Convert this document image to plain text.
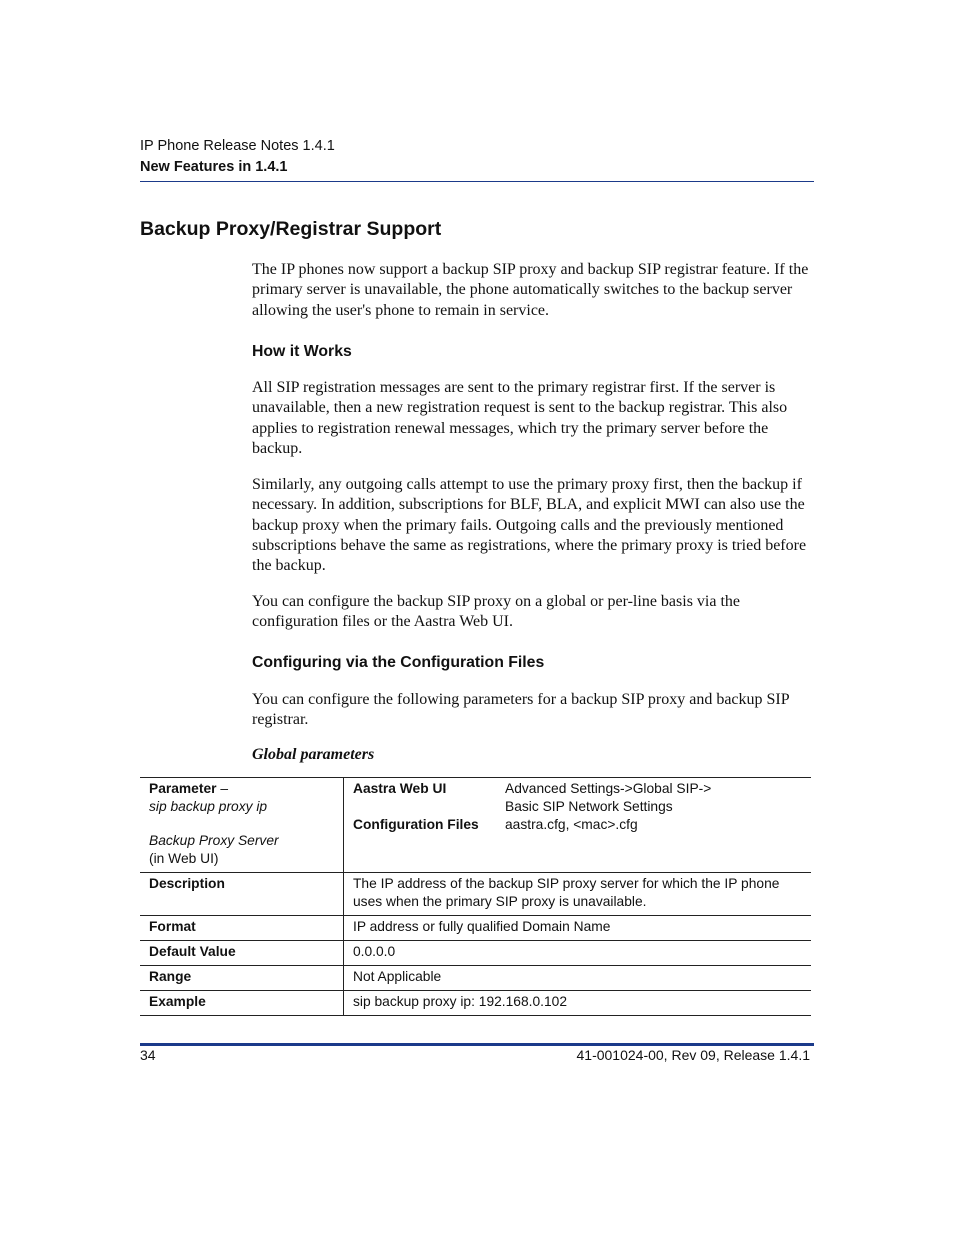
IP Phone Release Notes 1.4.1
New Features in 1.4.1
Backup Proxy/Registrar Support

The IP phones now support a backup SIP proxy and backup SIP registrar feature. If the primary server is unavailable, the phone automatically switches to the backup server allowing the user's phone to remain in service.

How it Works

All SIP registration messages are sent to the primary registrar first. If the server is unavailable, then a new registration request is sent to the backup registrar. This also applies to registration renewal messages, which try the primary server before the backup.

Similarly, any outgoing calls attempt to use the primary proxy first, then the backup if necessary. In addition, subscriptions for BLF, BLA, and explicit MWI can also use the backup proxy when the primary fails. Outgoing calls and the previously mentioned subscriptions behave the same as registrations, where the primary proxy is tried before the backup.

You can configure the backup SIP proxy on a global or per-line basis via the configuration files or the Aastra Web UI.

Configuring via the Configuration Files

You can configure the following parameters for a backup SIP proxy and backup SIP registrar.

Global parameters
Parameter –
sip backup proxy ip
Backup Proxy Server
(in Web UI)

Aastra Web UI	Advanced Settings->Global SIP->
Basic SIP Network Settings

Configuration Files	aastra.cfg, <mac>.cfg

Description	The IP address of the backup SIP proxy server for which the IP phone uses when the primary SIP proxy is unavailable.
Format	IP address or fully qualified Domain Name
Default Value	0.0.0.0
Range	Not Applicable
Example	sip backup proxy ip: 192.168.0.102
34	41-001024-00, Rev 09, Release 1.4.1
